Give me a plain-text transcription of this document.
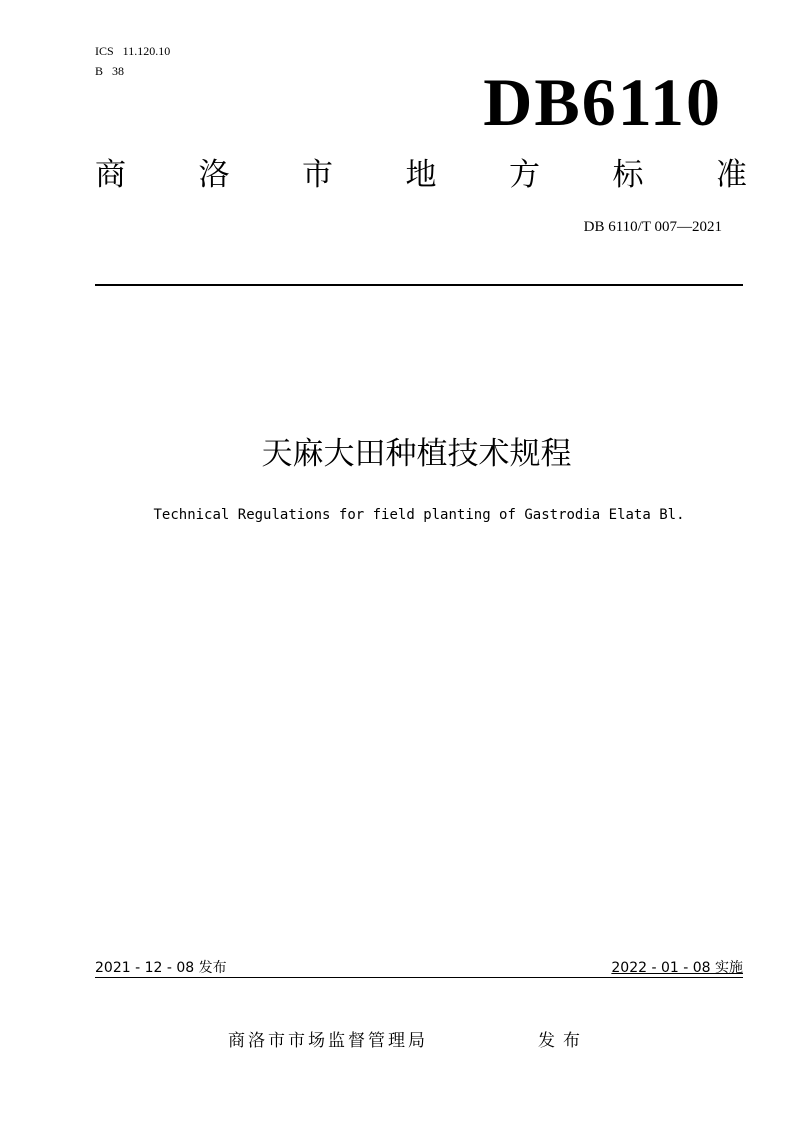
ICS   11.120.10
B   38	DB6110
商 洛 市 地 方 标 准
DB 6110/T 007—2021
天麻大田种植技术规程
Technical Regulations for field planting of Gastrodia Elata Bl.
2021 - 12 - 08 发布	2022 - 01 - 08 实施
商洛市市场监督管理局	发布
